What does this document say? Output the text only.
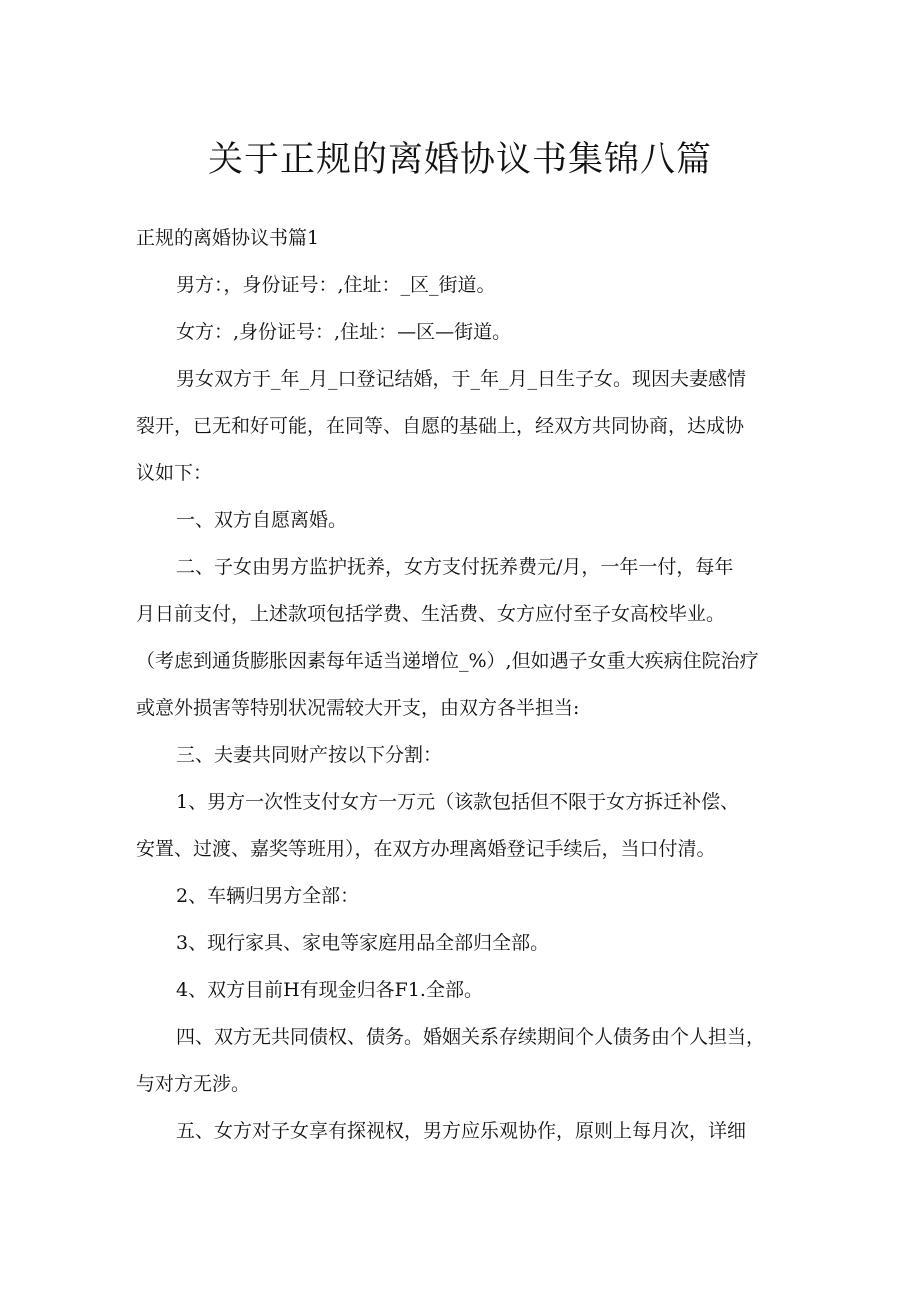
关于正规的离婚协议书集锦八篇

正规的离婚协议书篇1

男方：，身份证号：,住址：_区_街道。

女方：,身份证号：,住址：—区—街道。

男女双方于_年_月_口登记结婚，于_年_月_日生子女。现因夫妻感情

裂开，已无和好可能，在同等、自愿的基础上，经双方共同协商，达成协

议如下：

一、双方自愿离婚。

二、子女由男方监护抚养，女方支付抚养费元/月，一年一付，每年

月日前支付，上述款项包括学费、生活费、女方应付至子女高校毕业。

（考虑到通货膨胀因素每年适当递增位_%）,但如遇子女重大疾病住院治疗

或意外损害等特别状况需较大开支，由双方各半担当:

三、夫妻共同财产按以下分割：

1、男方一次性支付女方一万元（该款包括但不限于女方拆迁补偿、

安置、过渡、嘉奖等班用），在双方办理离婚登记手续后，当口付清。

2、车辆归男方全部：

3、现行家具、家电等家庭用品全部归全部。

4、双方目前H有现金归各F1.全部。

四、双方无共同债权、债务。婚姻关系存续期间个人债务由个人担当，

与对方无涉。

五、女方对子女享有探视权，男方应乐观协作，原则上每月次，详细
